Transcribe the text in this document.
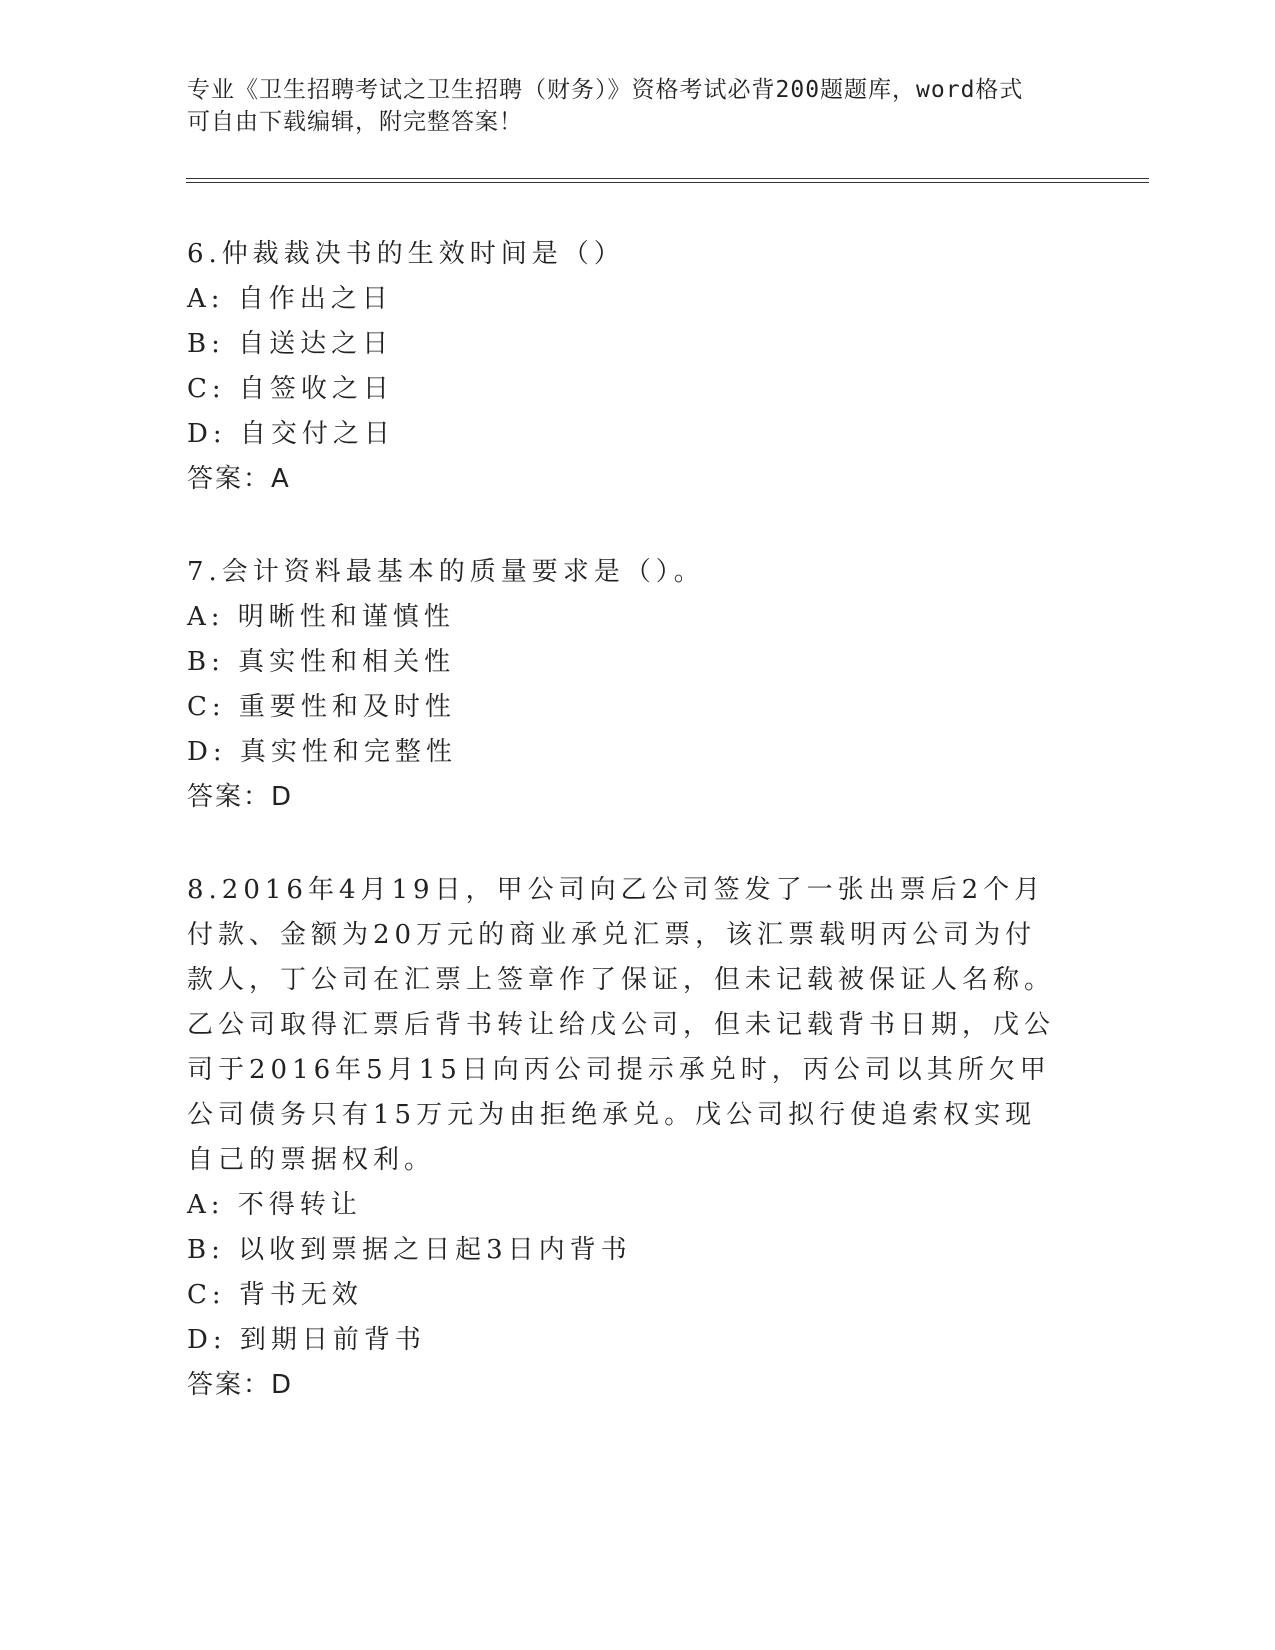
专业《卫生招聘考试之卫生招聘（财务）》资格考试必背200题题库，word格式
可自由下载编辑，附完整答案！
6.仲裁裁决书的生效时间是（）
A: 自作出之日
B: 自送达之日
C: 自签收之日
D: 自交付之日
答案：A
7.会计资料最基本的质量要求是（）。
A: 明晰性和谨慎性
B: 真实性和相关性
C: 重要性和及时性
D: 真实性和完整性
答案：D
8.2016年4月19日，甲公司向乙公司签发了一张出票后2个月付款、金额为20万元的商业承兑汇票，该汇票载明丙公司为付款人，丁公司在汇票上签章作了保证，但未记载被保证人名称。乙公司取得汇票后背书转让给戊公司，但未记载背书日期，戊公司于2016年5月15日向丙公司提示承兑时，丙公司以其所欠甲公司债务只有15万元为由拒绝承兑。戊公司拟行使追索权实现自己的票据权利。
A: 不得转让
B: 以收到票据之日起3日内背书
C: 背书无效
D: 到期日前背书
答案：D
